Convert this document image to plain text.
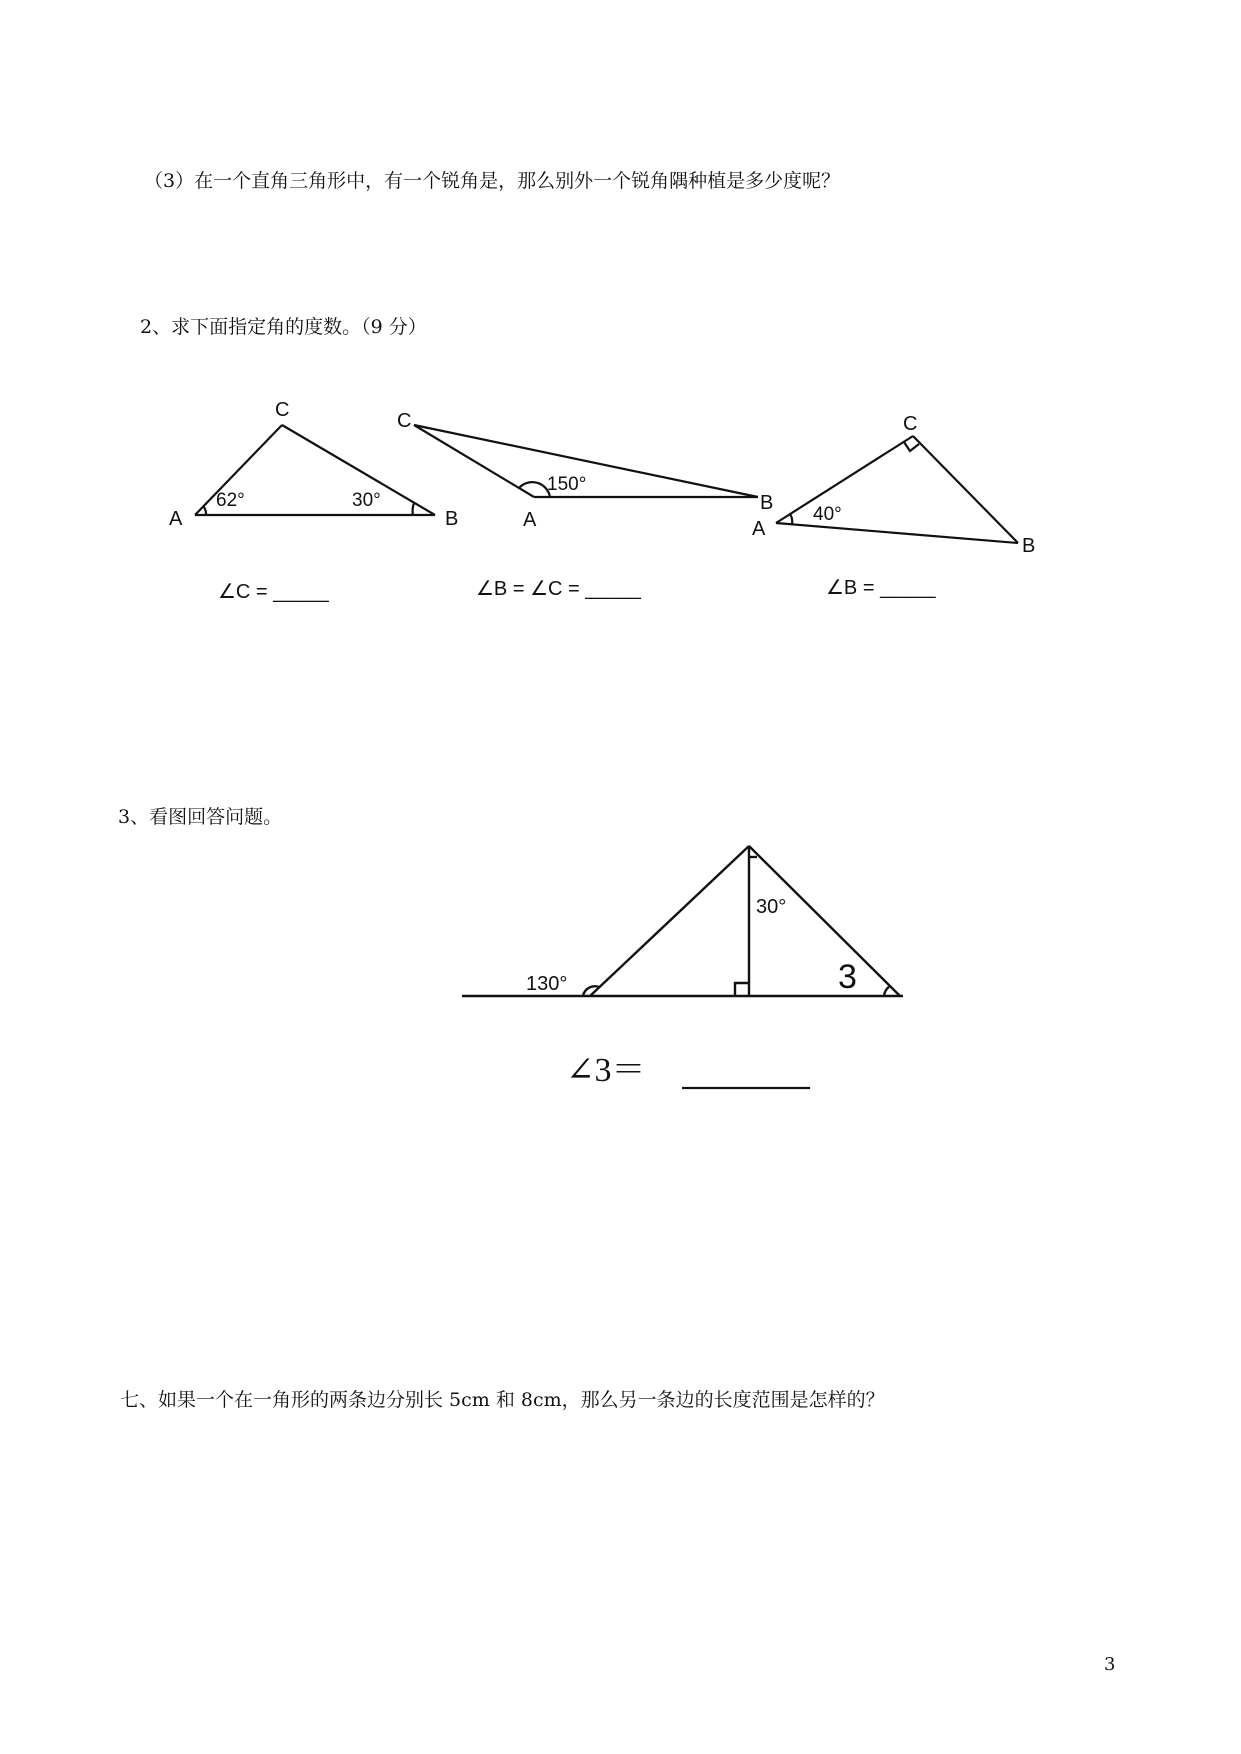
（3）在一个直角三角形中，有一个锐角是，那么别外一个锐角隅种植是多少度呢？
2、求下面指定角的度数。（9 分）
A	B
C
62°	30°
C
A
B
150°
C
A
B
40°
∠C = _____	∠B = ∠C = _____	∠B = _____
3、看图回答问题。
130°
30°
3
∠3＝
七、如果一个在一角形的两条边分别长 5cm 和 8cm，那么另一条边的长度范围是怎样的？
3
